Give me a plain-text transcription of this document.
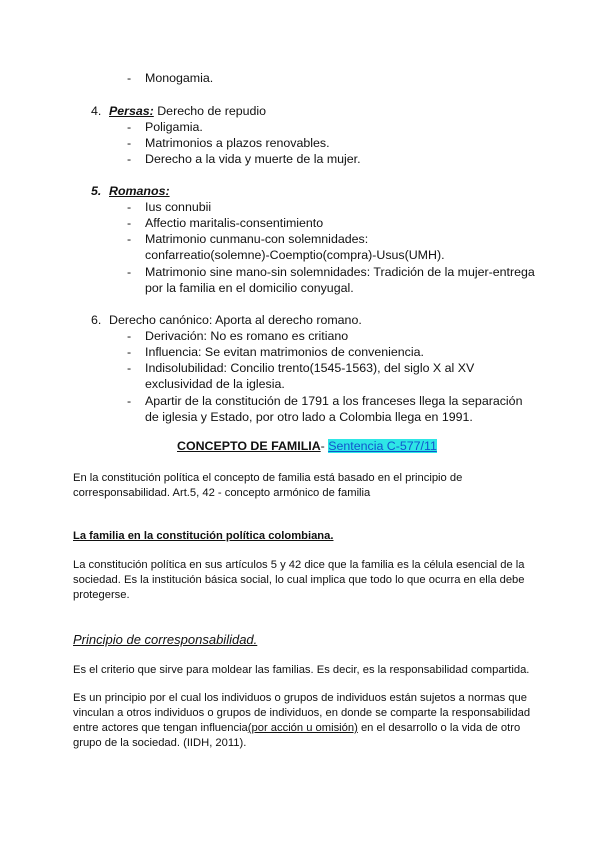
- Monogamia.
4. Persas: Derecho de repudio
- Poligamia.
- Matrimonios a plazos renovables.
- Derecho a la vida y muerte de la mujer.
5. Romanos:
- Ius connubii
- Affectio maritalis-consentimiento
- Matrimonio cunmanu-con solemnidades:
confarreatio(solemne)-Coemptio(compra)-Usus(UMH).
- Matrimonio sine mano-sin solemnidades: Tradición de la mujer-entrega
por la familia en el domicilio conyugal.
6. Derecho canónico: Aporta al derecho romano.
- Derivación: No es romano es critiano
- Influencia: Se evitan matrimonios de conveniencia.
- Indisolubilidad: Concilio trento(1545-1563), del siglo X al XV
exclusividad de la iglesia.
- Apartir de la constitución de 1791 a los franceses llega la separación
de iglesia y Estado, por otro lado a Colombia llega en 1991.
CONCEPTO DE FAMILIA- Sentencia C-577/11
En la constitución política el concepto de familia está basado en el principio de
corresponsabilidad. Art.5, 42 - concepto armónico de familia
La familia en la constitución política colombiana.
La constitución política en sus artículos 5 y 42 dice que la familia es la célula esencial de la
sociedad. Es la institución básica social, lo cual implica que todo lo que ocurra en ella debe
protegerse.
Principio de corresponsabilidad.
Es el criterio que sirve para moldear las familias. Es decir, es la responsabilidad compartida.
Es un principio por el cual los individuos o grupos de individuos están sujetos a normas que
vinculan a otros individuos o grupos de individuos, en donde se comparte la responsabilidad
entre actores que tengan influencia(por acción u omisión) en el desarrollo o la vida de otro
grupo de la sociedad. (IIDH, 2011).
